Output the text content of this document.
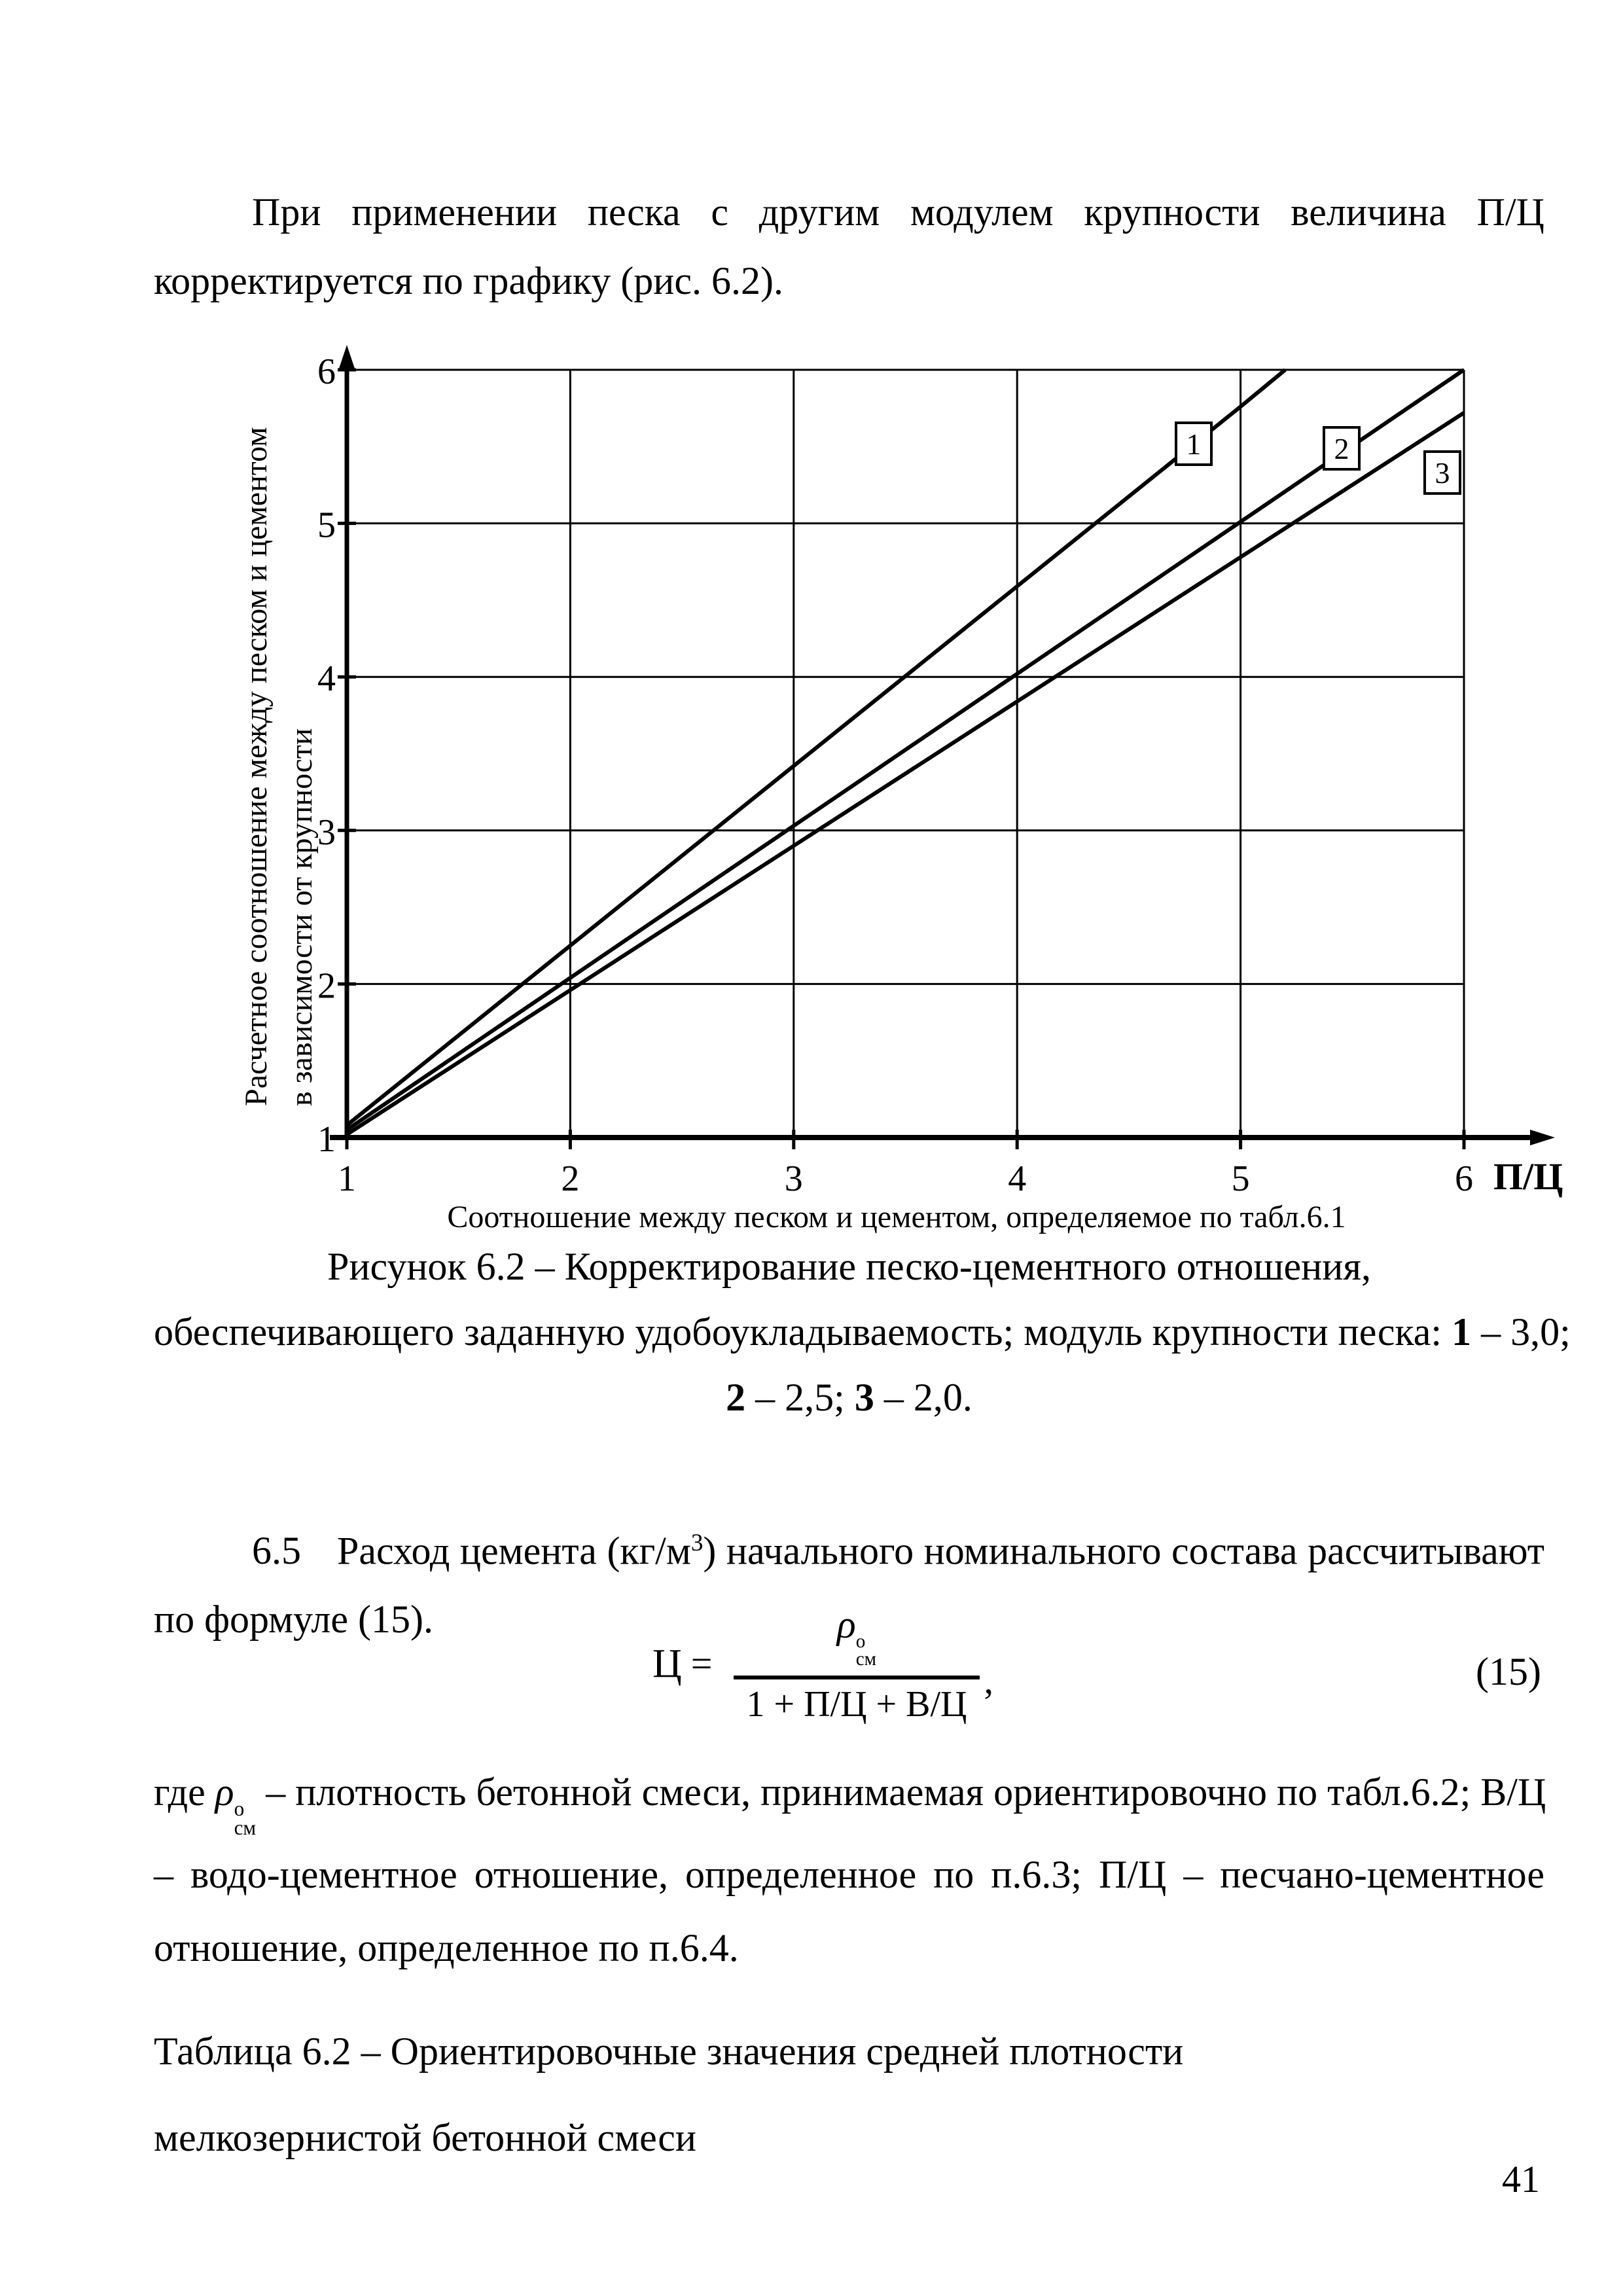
При применении песка с другим модулем крупности величина П/Ц
корректируется по графику (рис. 6.2).
1	2
3
1
2
3
4
5
6
1	2	3	4	5	6 П/Ц
Соотношение между песком и цементом, определяемое по табл.6.1
Расчетное соотношение между песком и цементом в зависимости от крупности
Рисунок 6.2 – Корректирование песко-цементного отношения,
обеспечивающего заданную удобоукладываемость; модуль крупности песка: 1 – 3,0;
2 – 2,5; 3 – 2,0.
6.5 Расход цемента $(кг/м^3)$ начального номинального состава рассчитывают
по формуле (15).
Ц = ρ о
см
1 + П/Ц + В/Ц ,	(15)
где ρ о
см
– плотность бетонной смеси, принимаемая ориентировочно по табл.6.2; В/Ц
– водо-цементное отношение, определенное по п.6.3; П/Ц – песчано-цементное
отношение, определенное по п.6.4.
Таблица 6.2 – Ориентировочные значения средней плотности
мелкозернистой бетонной смеси
41
